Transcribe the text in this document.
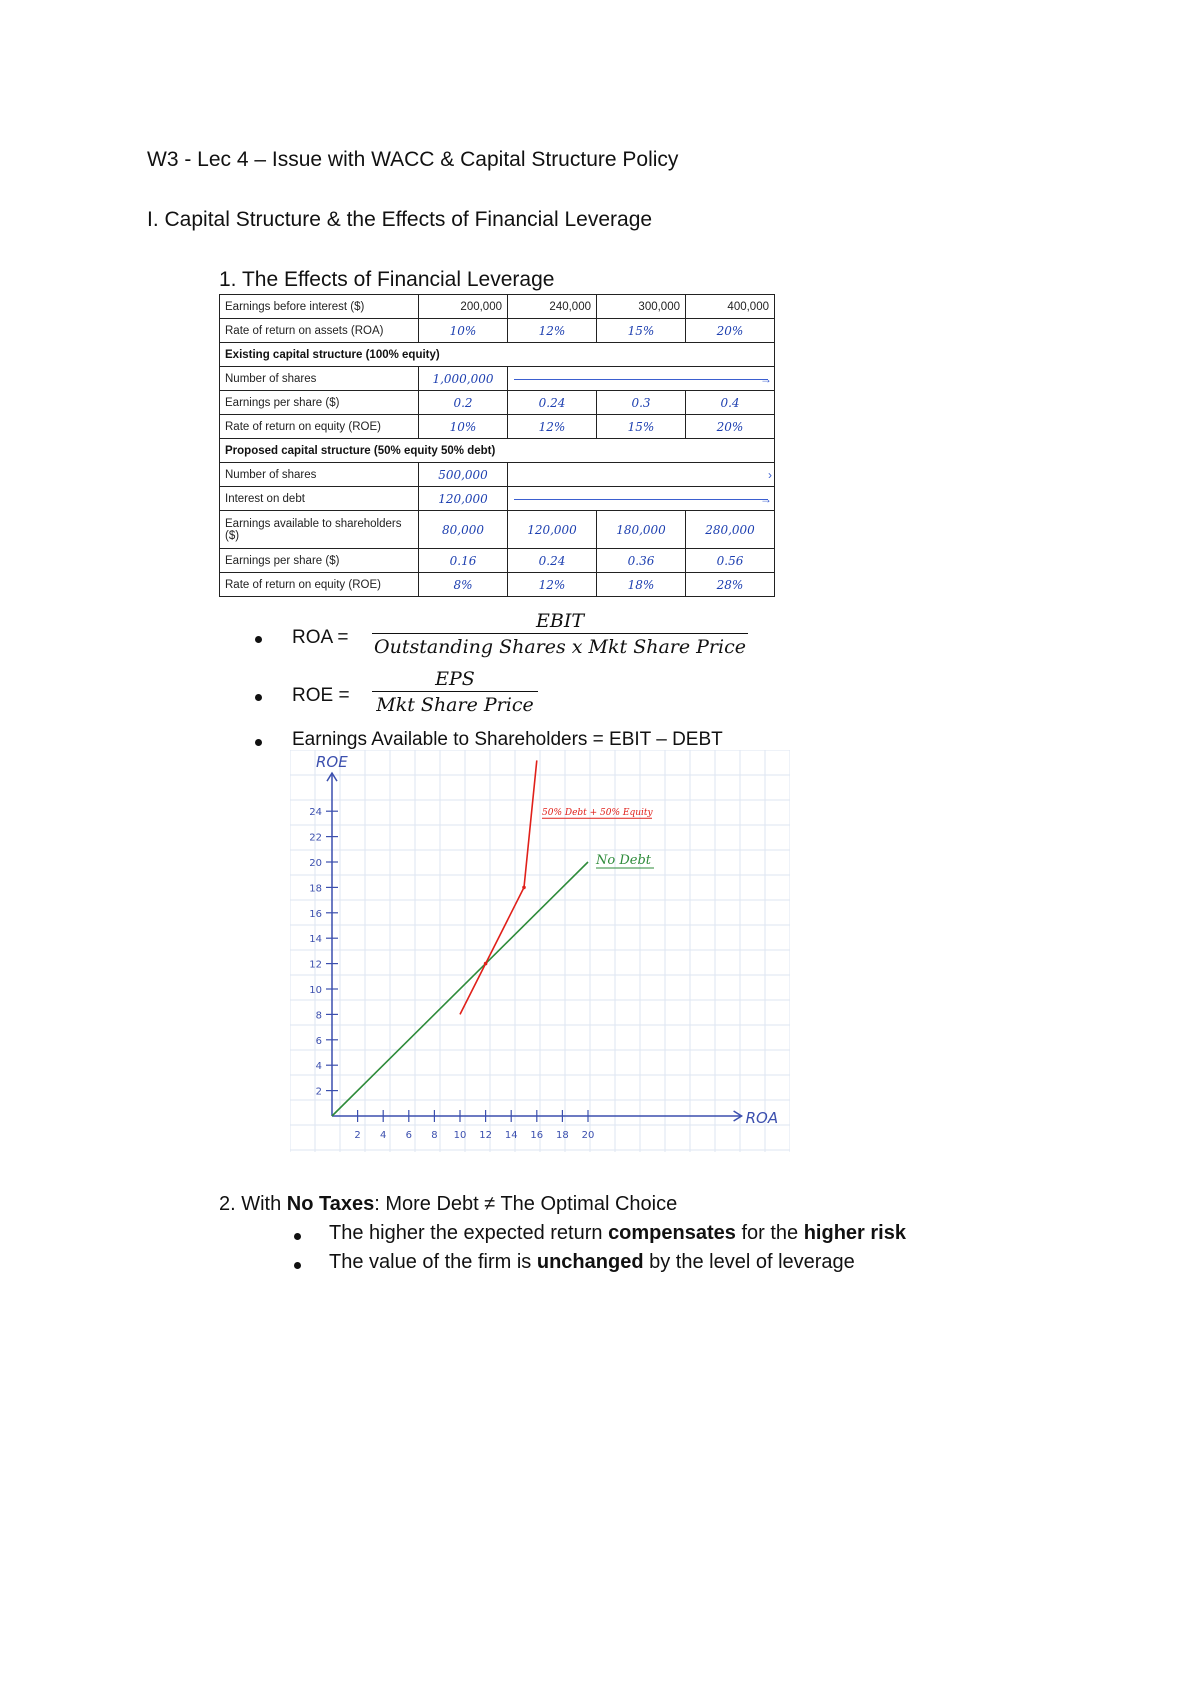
W3 - Lec 4 – Issue with WACC & Capital Structure Policy
I. Capital Structure & the Effects of Financial Leverage
1. The Effects of Financial Leverage
Earnings before interest ($)	200,000	240,000	300,000	400,000
Rate of return on assets (ROA)	10%	12%	15%	20%
Existing capital structure (100% equity)				
Number of shares	1,000,000	→		

Earnings per share ($)	0.2	0.24	0.3	0.4
Rate of return on equity (ROE)	10%	12%	15%	20%
Proposed capital structure (50% equity 50% debt)				
Number of shares	500,000	›		

Interest on debt	120,000	→		

Earnings available to shareholders ($)	80,000	120,000	180,000	280,000
Earnings per share ($)	0.16	0.24	0.36	0.56
Rate of return on equity (ROE)	8%	12%	18%	28%
ROA =
EBIT
Outstanding Shares x Mkt Share Price
ROE =
EPS
Mkt Share Price
Earnings Available to Shareholders = EBIT – DEBT
ROE
ROA
2 4 6 8 10 12 14 16 18 20
2
4
6
8
10
12
14
16
18
20
22
24
No Debt
50% Debt + 50% Equity
2. With No Taxes: More Debt ≠ The Optimal Choice
The higher the expected return compensates for the higher risk
The value of the firm is unchanged by the level of leverage
